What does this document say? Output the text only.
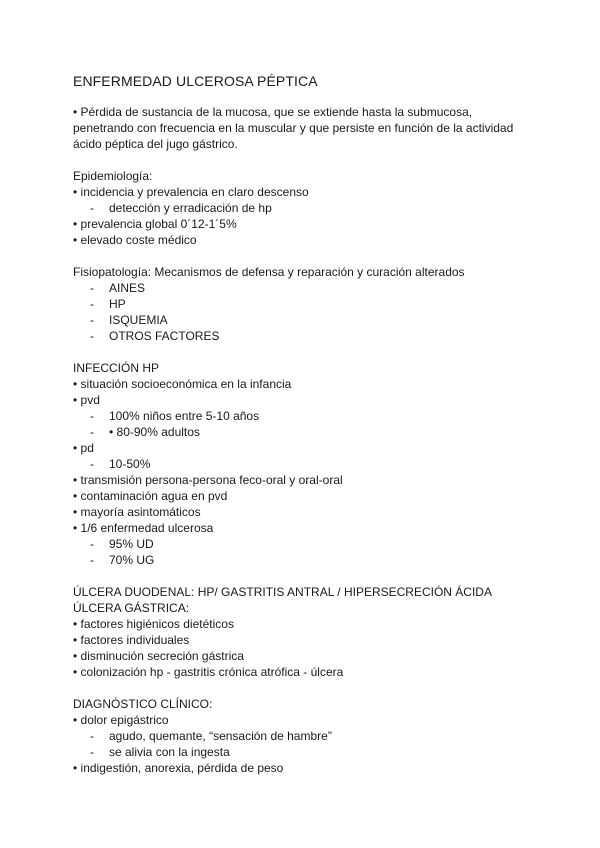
ENFERMEDAD ULCEROSA PÉPTICA
• Pérdida de sustancia de la mucosa, que se extiende hasta la submucosa,
penetrando con frecuencia en la muscular y que persiste en función de la actividad
ácido péptica del jugo gástrico.
Epidemiología:
• incidencia y prevalencia en claro descenso
- detección y erradicación de hp
• prevalencia global 0´12-1´5%
• elevado coste médico
Fisiopatología: Mecanismos de defensa y reparación y curación alterados
- AINES
- HP
- ISQUEMIA
- OTROS FACTORES
INFECCIÓN HP
• situación socioeconómica en la infancia
• pvd
- 100% niños entre 5-10 años
- • 80-90% adultos
• pd
- 10-50%
• transmisión persona-persona feco-oral y oral-oral
• contaminación agua en pvd
• mayoría asintomáticos
• 1/6 enfermedad ulcerosa
- 95% UD
- 70% UG
ÚLCERA DUODENAL: HP/ GASTRITIS ANTRAL / HIPERSECRECIÓN ÁCIDA
ÚLCERA GÁSTRICA:
• factores higiénicos dietéticos
• factores individuales
• disminución secreción gástrica
• colonización hp - gastritis crónica atrófica - úlcera
DIAGNÓSTICO CLÍNICO:
• dolor epigástrico
- agudo, quemante, “sensación de hambre”
- se alivia con la ingesta
• indigestión, anorexia, pérdida de peso
